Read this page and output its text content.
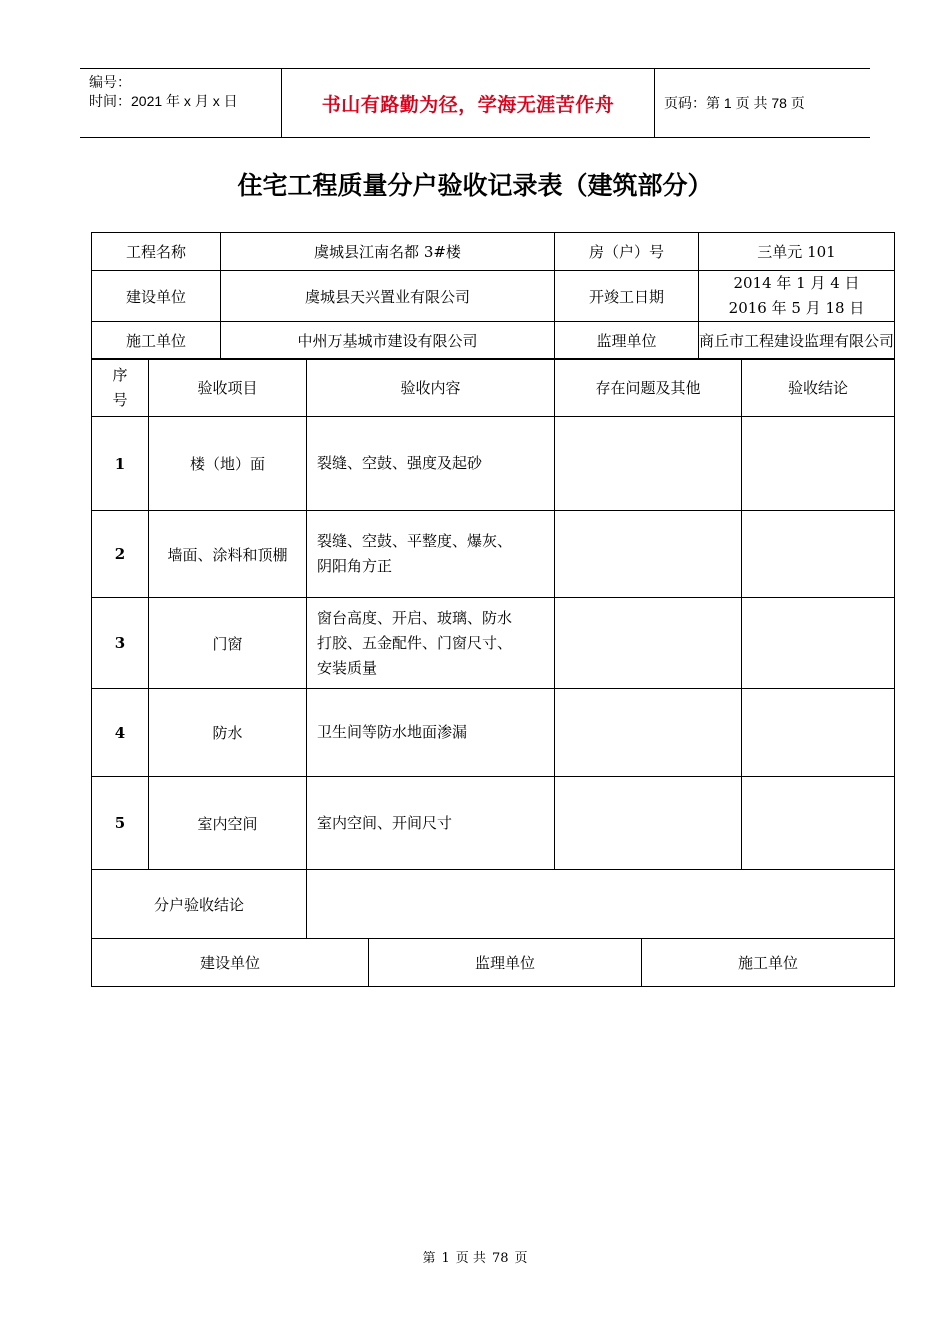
编号：
时间：2021 年 x 月 x 日	书山有路勤为径，学海无涯苦作舟	页码：第 1 页 共 78 页
住宅工程质量分户验收记录表（建筑部分）
工程名称	虞城县江南名都 3#楼	房（户）号	三单元 101
建设单位	虞城县天兴置业有限公司	开竣工日期	2014 年 1 月 4 日
2016 年 5 月 18 日

施工单位	中州万基城市建设有限公司	监理单位	商丘市工程建设监理有限公司
序
号	验收项目	验收内容	存在问题及其他	验收结论
1	楼（地）面	裂缝、空鼓、强度及起砂		

2	墙面、涂料和顶棚	裂缝、空鼓、平整度、爆灰、
阴阳角方正		

3	门窗	窗台高度、开启、玻璃、防水
打胶、五金配件、门窗尺寸、
安装质量		

4	防水	卫生间等防水地面渗漏		

5	室内空间	室内空间、开间尺寸		

分户验收结论				
建设单位	监理单位	施工单位
第 1 页 共 78 页
